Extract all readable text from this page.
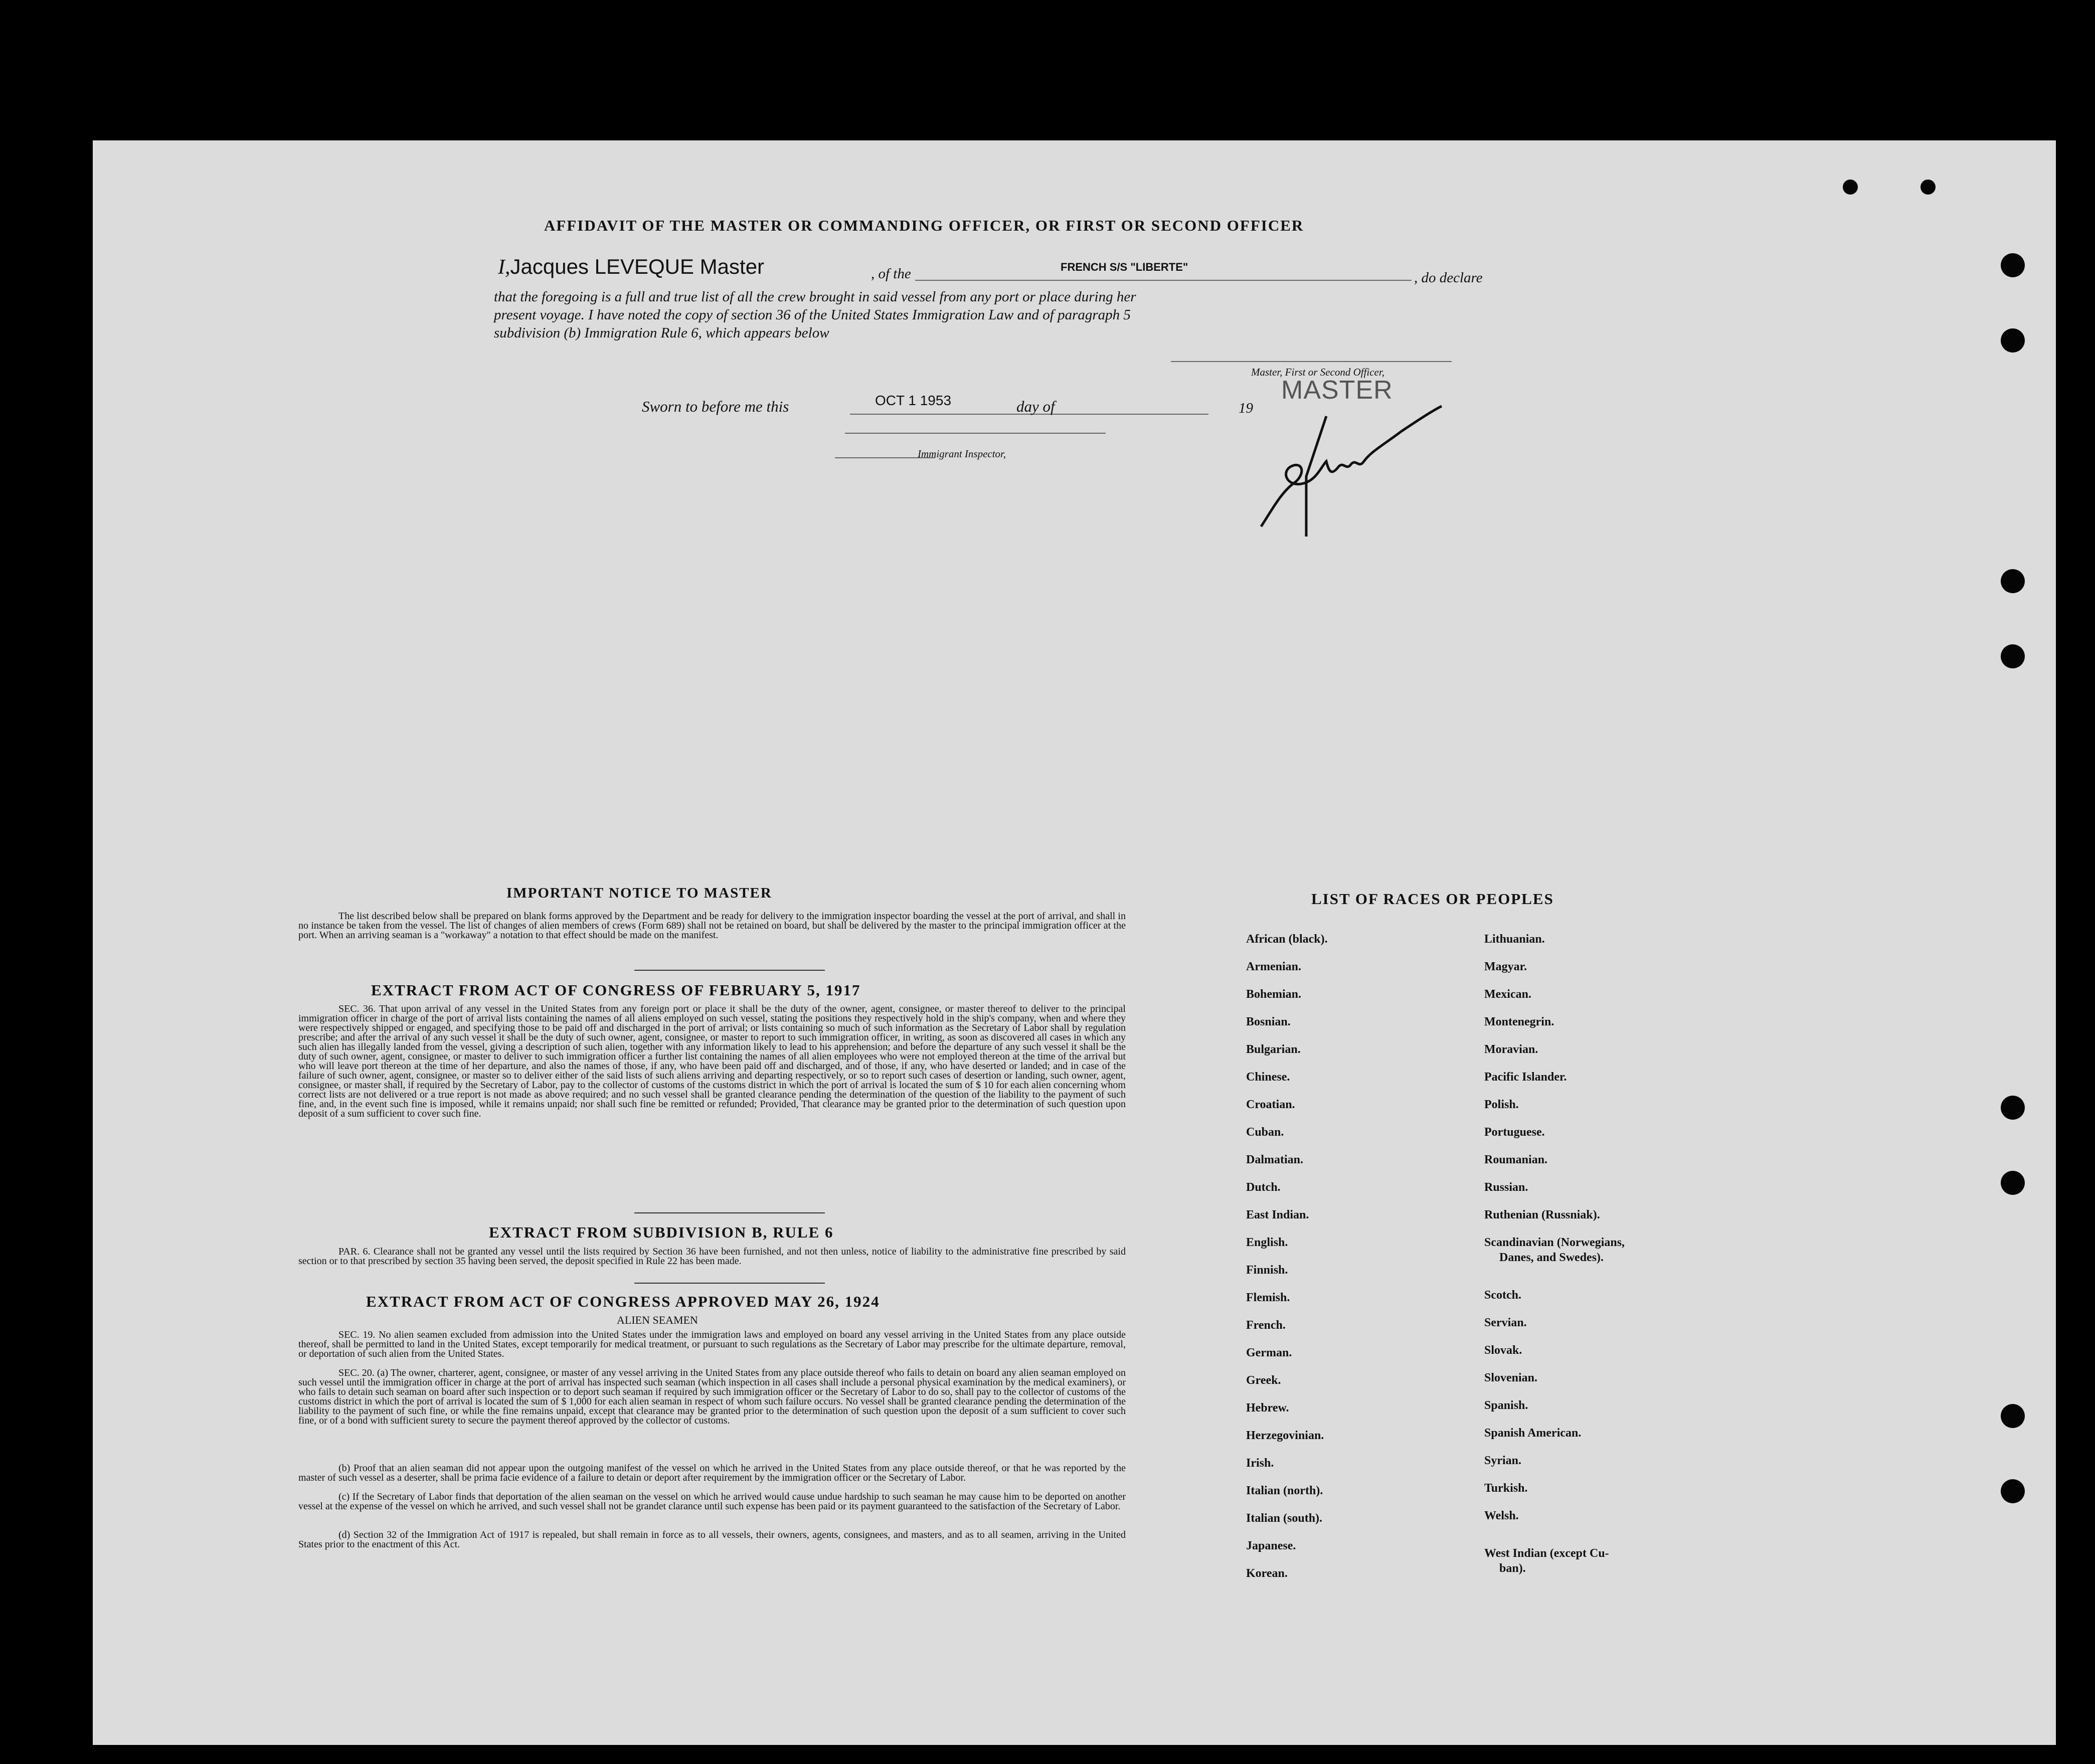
AFFIDAVIT OF THE MASTER OR COMMANDING OFFICER, OR FIRST OR SECOND OFFICER
I,Jacques LEVEQUE Master	, of the	FRENCH S/S "LIBERTE"
, do declare
that the foregoing is a full and true list of all the crew brought in said vessel from any port or place during her
present voyage. I have noted the copy of section 36 of the United States Immigration Law and of paragraph 5
subdivision (b) Immigration Rule 6, which appears below
Master, First or Second Officer,
MASTER
Sworn to before me this	OCT 1 1953	day of	19
Immigrant Inspector,
IMPORTANT NOTICE TO MASTER
The list described below shall be prepared on blank forms approved by the Department and be ready for delivery to the immigration inspector boarding the vessel at the port of arrival, and shall in no instance be taken from the vessel. The list of changes of alien members of crews (Form 689) shall not be retained on board, but shall be delivered by the master to the principal immigration officer at the port. When an arriving seaman is a "workaway" a notation to that effect should be made on the manifest.
EXTRACT FROM ACT OF CONGRESS OF FEBRUARY 5, 1917
SEC. 36. That upon arrival of any vessel in the United States from any foreign port or place it shall be the duty of the owner, agent, consignee, or master thereof to deliver to the principal immigration officer in charge of the port of arrival lists containing the names of all aliens employed on such vessel, stating the positions they respectively hold in the ship's company, when and where they were respectively shipped or engaged, and specifying those to be paid off and discharged in the port of arrival; or lists containing so much of such information as the Secretary of Labor shall by regulation prescribe; and after the arrival of any such vessel it shall be the duty of such owner, agent, consignee, or master to report to such immigration officer, in writing, as soon as discovered all cases in which any such alien has illegally landed from the vessel, giving a description of such alien, together with any information likely to lead to his apprehension; and before the departure of any such vessel it shall be the duty of such owner, agent, consignee, or master to deliver to such immigration officer a further list containing the names of all alien employees who were not employed thereon at the time of the arrival but who will leave port thereon at the time of her departure, and also the names of those, if any, who have been paid off and discharged, and of those, if any, who have deserted or landed; and in case of the failure of such owner, agent, consignee, or master so to deliver either of the said lists of such aliens arriving and departing respectively, or so to report such cases of desertion or landing, such owner, agent, consignee, or master shall, if required by the Secretary of Labor, pay to the collector of customs of the customs district in which the port of arrival is located the sum of $ 10 for each alien concerning whom correct lists are not delivered or a true report is not made as above required; and no such vessel shall be granted clearance pending the determination of the question of the liability to the payment of such fine, and, in the event such fine is imposed, while it remains unpaid; nor shall such fine be remitted or refunded; Provided, That clearance may be granted prior to the determination of such question upon deposit of a sum sufficient to cover such fine.
EXTRACT FROM SUBDIVISION B, RULE 6
PAR. 6. Clearance shall not be granted any vessel until the lists required by Section 36 have been furnished, and not then unless, notice of liability to the administrative fine prescribed by said section or to that prescribed by section 35 having been served, the deposit specified in Rule 22 has been made.
EXTRACT FROM ACT OF CONGRESS APPROVED MAY 26, 1924
ALIEN SEAMEN
SEC. 19. No alien seamen excluded from admission into the United States under the immigration laws and employed on board any vessel arriving in the United States from any place outside thereof, shall be permitted to land in the United States, except temporarily for medical treatment, or pursuant to such regulations as the Secretary of Labor may prescribe for the ultimate departure, removal, or deportation of such alien from the United States.
SEC. 20. (a) The owner, charterer, agent, consignee, or master of any vessel arriving in the United States from any place outside thereof who fails to detain on board any alien seaman employed on such vessel until the immigration officer in charge at the port of arrival has inspected such seaman (which inspection in all cases shall include a personal physical examination by the medical examiners), or who fails to detain such seaman on board after such inspection or to deport such seaman if required by such immigration officer or the Secretary of Labor to do so, shall pay to the collector of customs of the customs district in which the port of arrival is located the sum of $ 1,000 for each alien seaman in respect of whom such failure occurs. No vessel shall be granted clearance pending the determination of the liability to the payment of such fine, or while the fine remains unpaid, except that clearance may be granted prior to the determination of such question upon the deposit of a sum sufficient to cover such fine, or of a bond with sufficient surety to secure the payment thereof approved by the collector of customs.
(b) Proof that an alien seaman did not appear upon the outgoing manifest of the vessel on which he arrived in the United States from any place outside thereof, or that he was reported by the master of such vessel as a deserter, shall be prima facie evidence of a failure to detain or deport after requirement by the immigration officer or the Secretary of Labor.
(c) If the Secretary of Labor finds that deportation of the alien seaman on the vessel on which he arrived would cause undue hardship to such seaman he may cause him to be deported on another vessel at the expense of the vessel on which he arrived, and such vessel shall not be grandet clarance until such expense has been paid or its payment guaranteed to the satisfaction of the Secretary of Labor.
(d) Section 32 of the Immigration Act of 1917 is repealed, but shall remain in force as to all vessels, their owners, agents, consignees, and masters, and as to all seamen, arriving in the United States prior to the enactment of this Act.
LIST OF RACES OR PEOPLES
African (black).
Armenian.
Bohemian.
Bosnian.
Bulgarian.
Chinese.
Croatian.
Cuban.
Dalmatian.
Dutch.
East Indian.
English.
Finnish.
Flemish.
French.
German.
Greek.
Hebrew.
Herzegovinian.
Irish.
Italian (north).
Italian (south).
Japanese.
Korean.
Lithuanian.
Magyar.
Mexican.
Montenegrin.
Moravian.
Pacific Islander.
Polish.
Portuguese.
Roumanian.
Russian.
Ruthenian (Russniak).
Scandinavian (Norwegians,
Danes, and Swedes).
Scotch.
Servian.
Slovak.
Slovenian.
Spanish.
Spanish American.
Syrian.
Turkish.
Welsh.
West Indian (except Cu-
ban).
